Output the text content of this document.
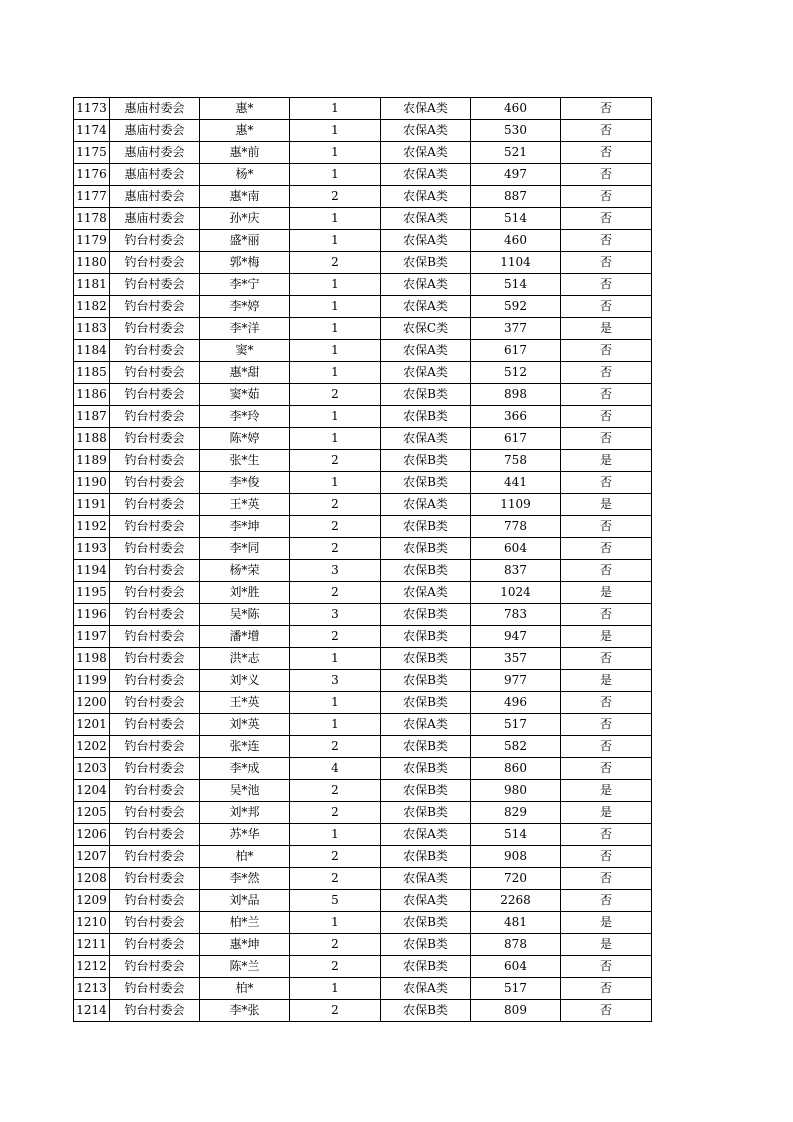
1173	惠庙村委会	惠*	1	农保A类	460	否
1174	惠庙村委会	惠*	1	农保A类	530	否
1175	惠庙村委会	惠*前	1	农保A类	521	否
1176	惠庙村委会	杨*	1	农保A类	497	否
1177	惠庙村委会	惠*南	2	农保A类	887	否
1178	惠庙村委会	孙*庆	1	农保A类	514	否
1179	钓台村委会	盛*丽	1	农保A类	460	否
1180	钓台村委会	郭*梅	2	农保B类	1104	否
1181	钓台村委会	李*宁	1	农保A类	514	否
1182	钓台村委会	李*婷	1	农保A类	592	否
1183	钓台村委会	李*洋	1	农保C类	377	是
1184	钓台村委会	窦*	1	农保A类	617	否
1185	钓台村委会	惠*甜	1	农保A类	512	否
1186	钓台村委会	窦*茹	2	农保B类	898	否
1187	钓台村委会	李*玲	1	农保B类	366	否
1188	钓台村委会	陈*婷	1	农保A类	617	否
1189	钓台村委会	张*生	2	农保B类	758	是
1190	钓台村委会	李*俊	1	农保B类	441	否
1191	钓台村委会	王*英	2	农保A类	1109	是
1192	钓台村委会	李*坤	2	农保B类	778	否
1193	钓台村委会	李*同	2	农保B类	604	否
1194	钓台村委会	杨*荣	3	农保B类	837	否
1195	钓台村委会	刘*胜	2	农保A类	1024	是
1196	钓台村委会	吴*陈	3	农保B类	783	否
1197	钓台村委会	潘*增	2	农保B类	947	是
1198	钓台村委会	洪*志	1	农保B类	357	否
1199	钓台村委会	刘*义	3	农保B类	977	是
1200	钓台村委会	王*英	1	农保B类	496	否
1201	钓台村委会	刘*英	1	农保A类	517	否
1202	钓台村委会	张*连	2	农保B类	582	否
1203	钓台村委会	李*成	4	农保B类	860	否
1204	钓台村委会	吴*池	2	农保B类	980	是
1205	钓台村委会	刘*邦	2	农保B类	829	是
1206	钓台村委会	苏*华	1	农保A类	514	否
1207	钓台村委会	柏*	2	农保B类	908	否
1208	钓台村委会	李*然	2	农保A类	720	否
1209	钓台村委会	刘*品	5	农保A类	2268	否
1210	钓台村委会	柏*兰	1	农保B类	481	是
1211	钓台村委会	惠*坤	2	农保B类	878	是
1212	钓台村委会	陈*兰	2	农保B类	604	否
1213	钓台村委会	柏*	1	农保A类	517	否
1214	钓台村委会	李*张	2	农保B类	809	否
